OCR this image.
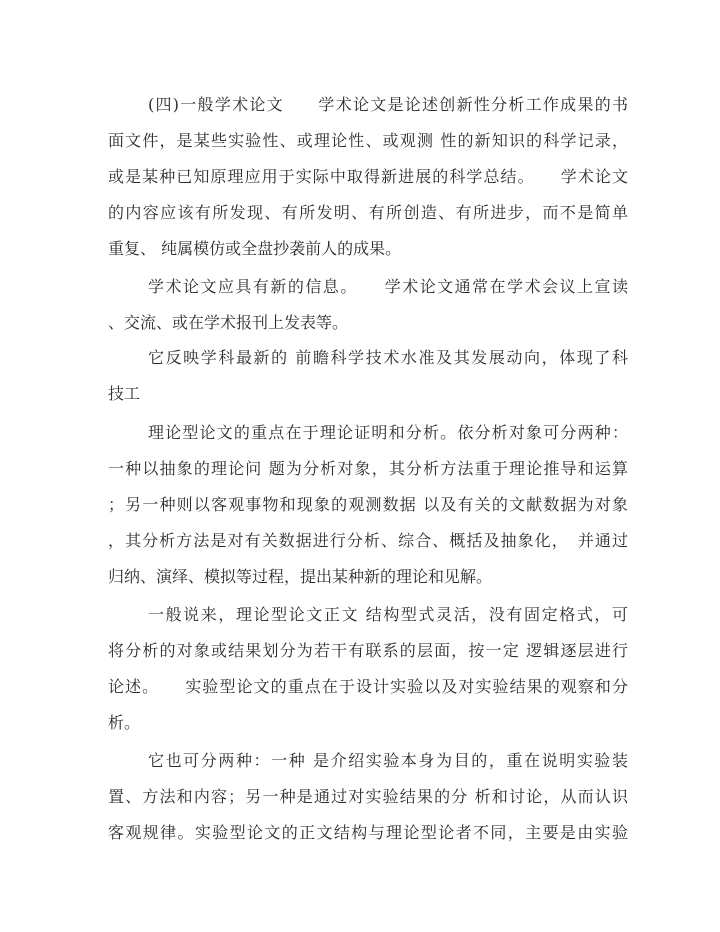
(四)一般学术论文　　学术论文是论述创新性分析工作成果的书
面文件，是某些实验性、或理论性、或观测 性的新知识的科学记录，
或是某种已知原理应用于实际中取得新进展的科学总结。　　学术论文
的内容应该有所发现、有所发明、有所创造、有所进步，而不是简单
重复、 纯属模仿或全盘抄袭前人的成果。
学术论文应具有新的信息。　　学术论文通常在学术会议上宣读
、交流、或在学术报刊上发表等。
它反映学科最新的 前瞻科学技术水准及其发展动向，体现了科
技工
理论型论文的重点在于理论证明和分析。依分析对象可分两种：
一种以抽象的理论问 题为分析对象，其分析方法重于理论推导和运算
；另一种则以客观事物和现象的观测数据 以及有关的文献数据为对象
，其分析方法是对有关数据进行分析、综合、概括及抽象化，　并通过
归纳、演绎、模拟等过程，提出某种新的理论和见解。
一般说来，理论型论文正文 结构型式灵活，没有固定格式，可
将分析的对象或结果划分为若干有联系的层面，按一定 逻辑逐层进行
论述。　　实验型论文的重点在于设计实验以及对实验结果的观察和分
析。
它也可分两种：一种 是介绍实验本身为目的，重在说明实验装
置、方法和内容；另一种是通过对实验结果的分 析和讨论，从而认识
客观规律。实验型论文的正文结构与理论型论者不同，主要是由实验
